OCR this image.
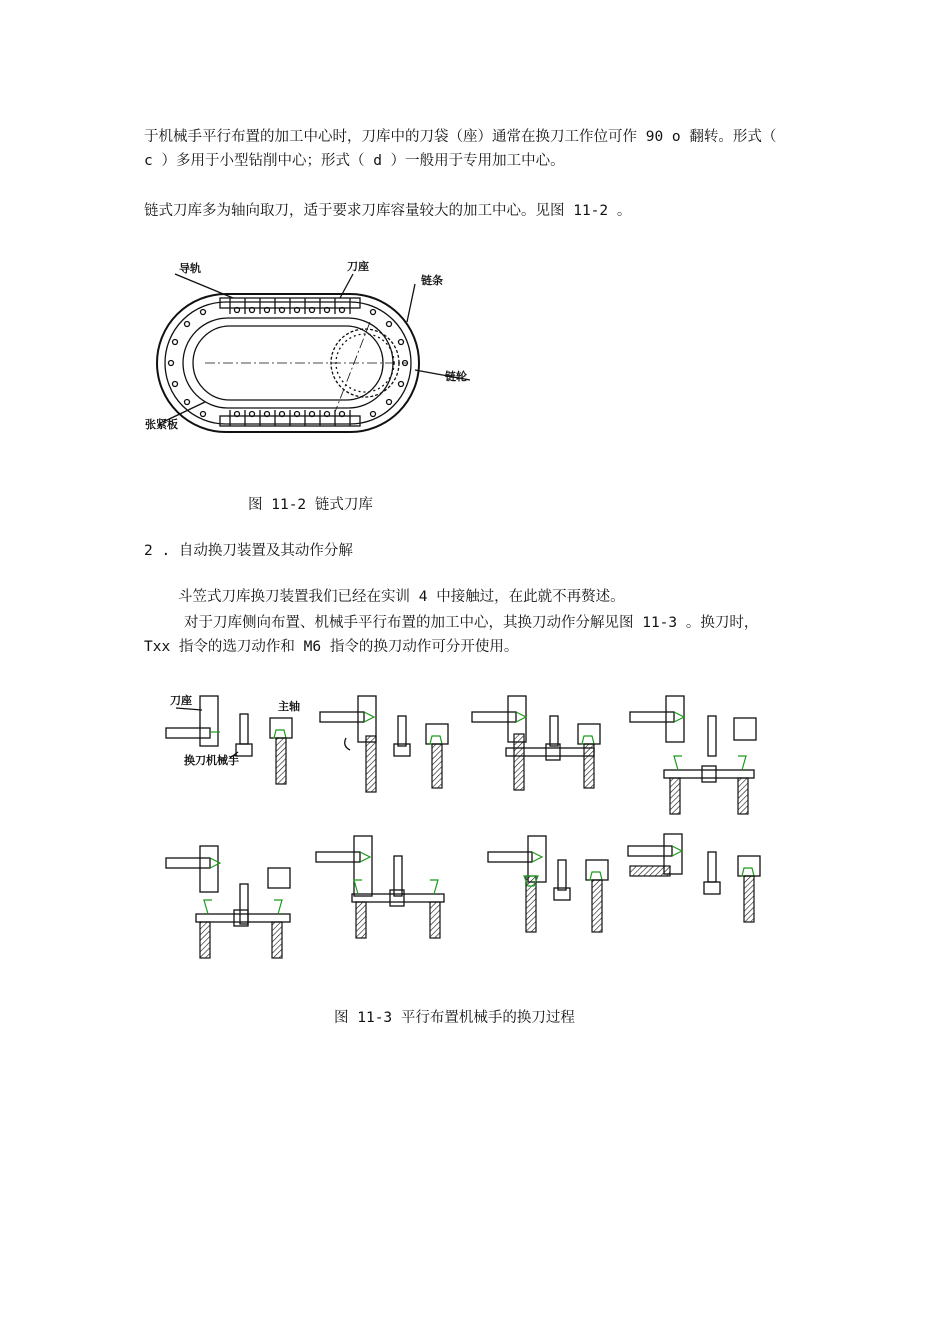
于机械手平行布置的加工中心时，刀库中的刀袋（座）通常在换刀工作位可作 90 o 翻转。形式（
c ）多用于小型钻削中心；形式（ d ）一般用于专用加工中心。
链式刀库多为轴向取刀，适于要求刀库容量较大的加工中心。见图 11-2 。
导轨	刀座
链条
链轮
张紧板
图 11-2 链式刀库
2 . 自动换刀装置及其动作分解
斗笠式刀库换刀装置我们已经在实训 4 中接触过，在此就不再赘述。
对于刀库侧向布置、机械手平行布置的加工中心，其换刀动作分解见图 11-3 。换刀时，
Txx 指令的选刀动作和 M6 指令的换刀动作可分开使用。
刀座	主轴
换刀机械手
图 11-3 平行布置机械手的换刀过程
